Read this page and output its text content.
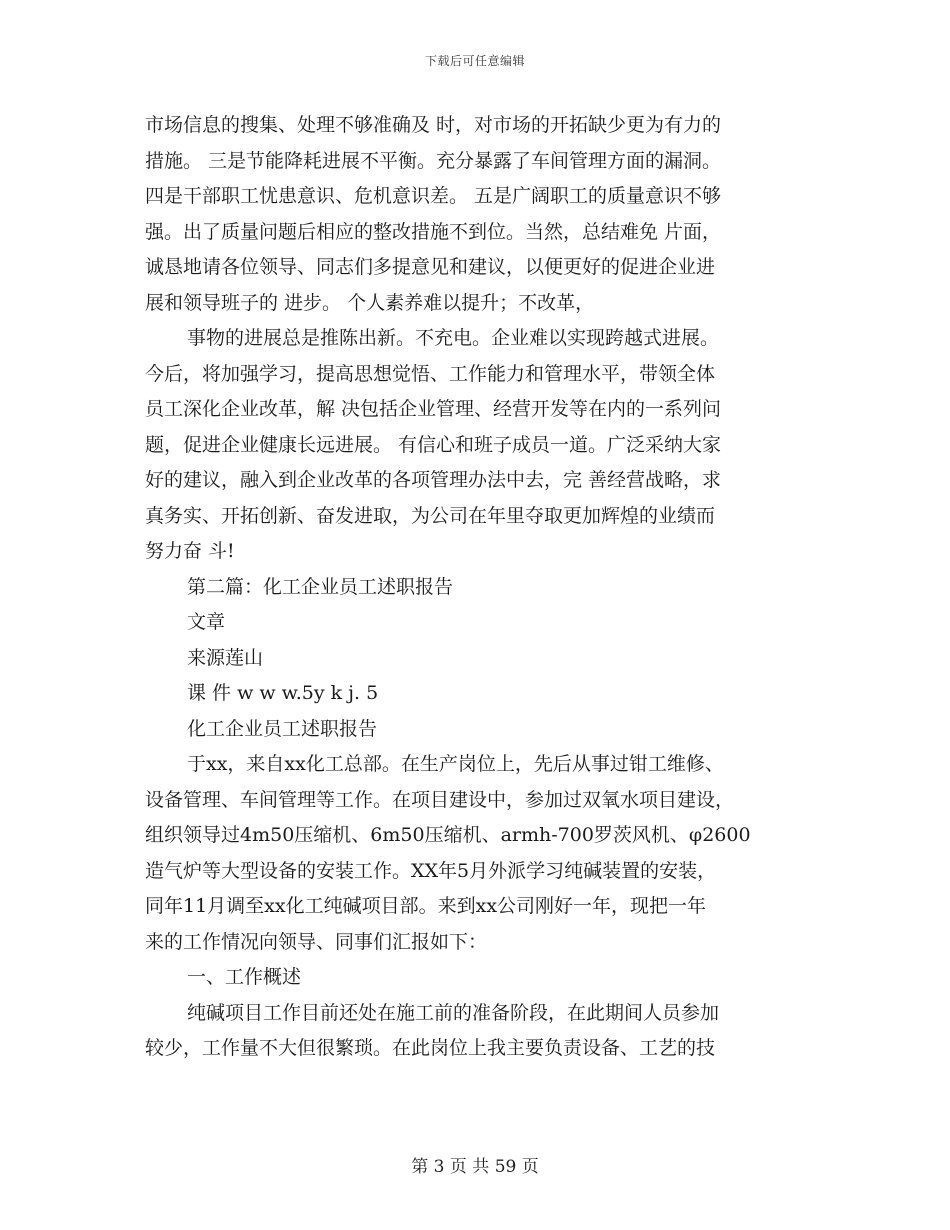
下载后可任意编辑
市场信息的搜集、处理不够准确及 时，对市场的开拓缺少更为有力的
措施。 三是节能降耗进展不平衡。充分暴露了车间管理方面的漏洞。
四是干部职工忧患意识、危机意识差。 五是广阔职工的质量意识不够
强。出了质量问题后相应的整改措施不到位。当然，总结难免 片面，
诚恳地请各位领导、同志们多提意见和建议，以便更好的促进企业进
展和领导班子的 进步。 个人素养难以提升；不改革，
事物的进展总是推陈出新。不充电。企业难以实现跨越式进展。
今后，将加强学习，提高思想觉悟、工作能力和管理水平，带领全体
员工深化企业改革，解 决包括企业管理、经营开发等在内的一系列问
题，促进企业健康长远进展。 有信心和班子成员一道。广泛采纳大家
好的建议，融入到企业改革的各项管理办法中去，完 善经营战略，求
真务实、开拓创新、奋发进取，为公司在年里夺取更加辉煌的业绩而
努力奋 斗!
第二篇：化工企业员工述职报告
文章
来源莲山
课 件 w w w.5y k j. 5
化工企业员工述职报告
于xx，来自xx化工总部。在生产岗位上，先后从事过钳工维修、
设备管理、车间管理等工作。在项目建设中，参加过双氧水项目建设，
组织领导过4m50压缩机、6m50压缩机、armh-700罗茨风机、φ2600
造气炉等大型设备的安装工作。XX年5月外派学习纯碱装置的安装，
同年11月调至xx化工纯碱项目部。来到xx公司刚好一年，现把一年
来的工作情况向领导、同事们汇报如下：
一、工作概述
纯碱项目工作目前还处在施工前的准备阶段，在此期间人员参加
较少，工作量不大但很繁琐。在此岗位上我主要负责设备、工艺的技
第 3 页 共 59 页
